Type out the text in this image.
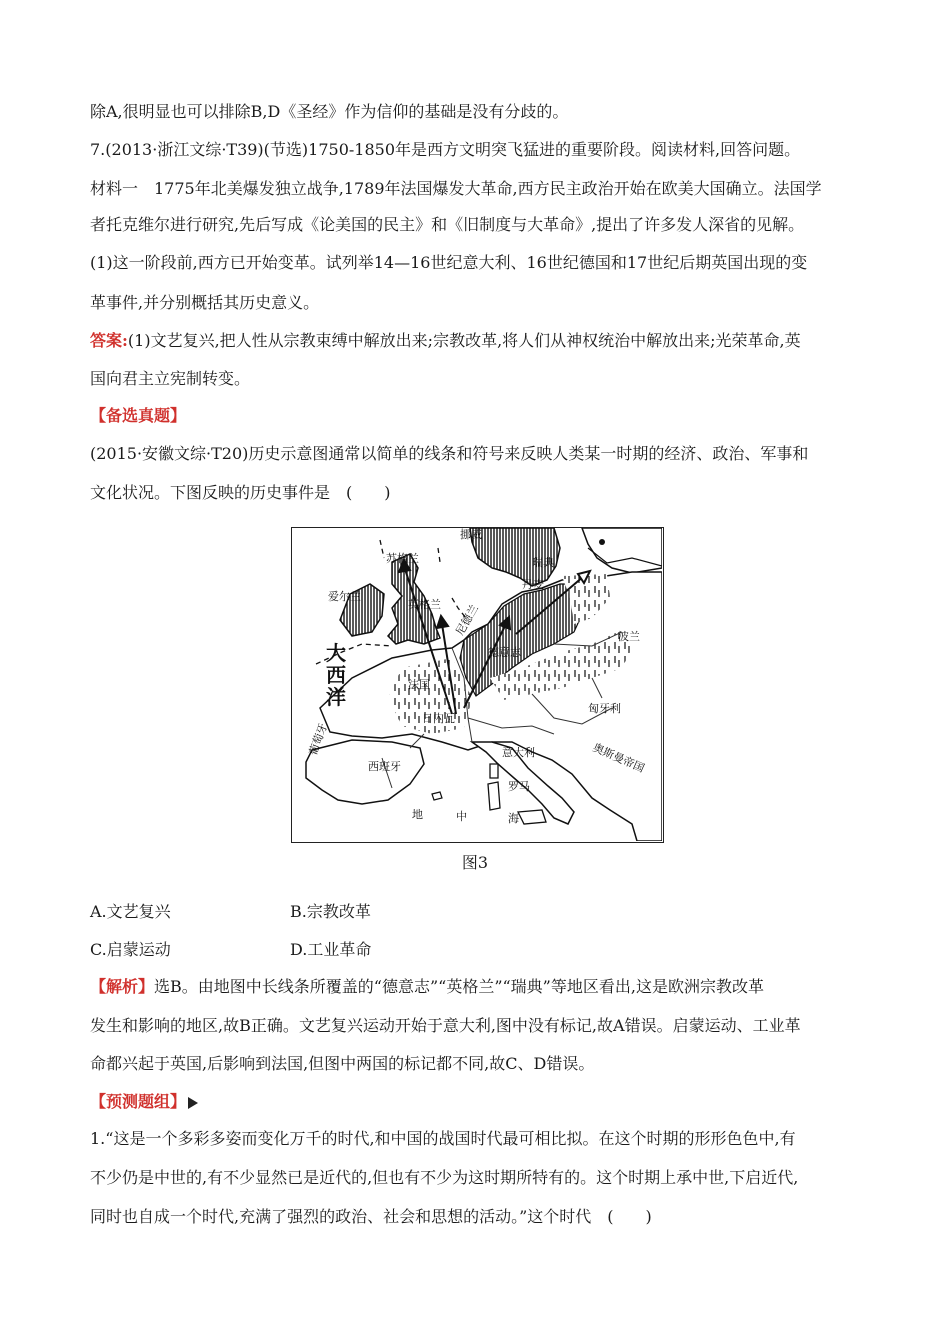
除A,很明显也可以排除B,D《圣经》作为信仰的基础是没有分歧的。
7.(2013·浙江文综·T39)(节选)1750-1850年是西方文明突飞猛进的重要阶段。阅读材料,回答问题。
材料一　1775年北美爆发独立战争,1789年法国爆发大革命,西方民主政治开始在欧美大国确立。法国学
者托克维尔进行研究,先后写成《论美国的民主》和《旧制度与大革命》,提出了许多发人深省的见解。
(1)这一阶段前,西方已开始变革。试列举14—16世纪意大利、16世纪德国和17世纪后期英国出现的变
革事件,并分别概括其历史意义。
答案:(1)文艺复兴,把人性从宗教束缚中解放出来;宗教改革,将人们从神权统治中解放出来;光荣革命,英
国向君主立宪制转变。
【备选真题】
(2015·安徽文综·T20)历史示意图通常以简单的线条和符号来反映人类某一时期的经济、政治、军事和
文化状况。下图反映的历史事件是　(　　)
挪威
苏格兰	瑞典
丹麦
爱尔兰
英格兰 尼德兰
德意志
波兰
大西洋
法国
日内瓦
匈牙利
奥斯曼帝国
葡萄牙
西班牙
意大利
罗马
地	中	海
图3
A.文艺复兴	B.宗教改革
C.启蒙运动	D.工业革命
【解析】选B。由地图中长线条所覆盖的“德意志”“英格兰”“瑞典”等地区看出,这是欧洲宗教改革
发生和影响的地区,故B正确。文艺复兴运动开始于意大利,图中没有标记,故A错误。启蒙运动、工业革
命都兴起于英国,后影响到法国,但图中两国的标记都不同,故C、D错误。
【预测题组】
1.“这是一个多彩多姿而变化万千的时代,和中国的战国时代最可相比拟。在这个时期的形形色色中,有
不少仍是中世的,有不少显然已是近代的,但也有不少为这时期所特有的。这个时期上承中世,下启近代,
同时也自成一个时代,充满了强烈的政治、社会和思想的活动。”这个时代　(　　)
